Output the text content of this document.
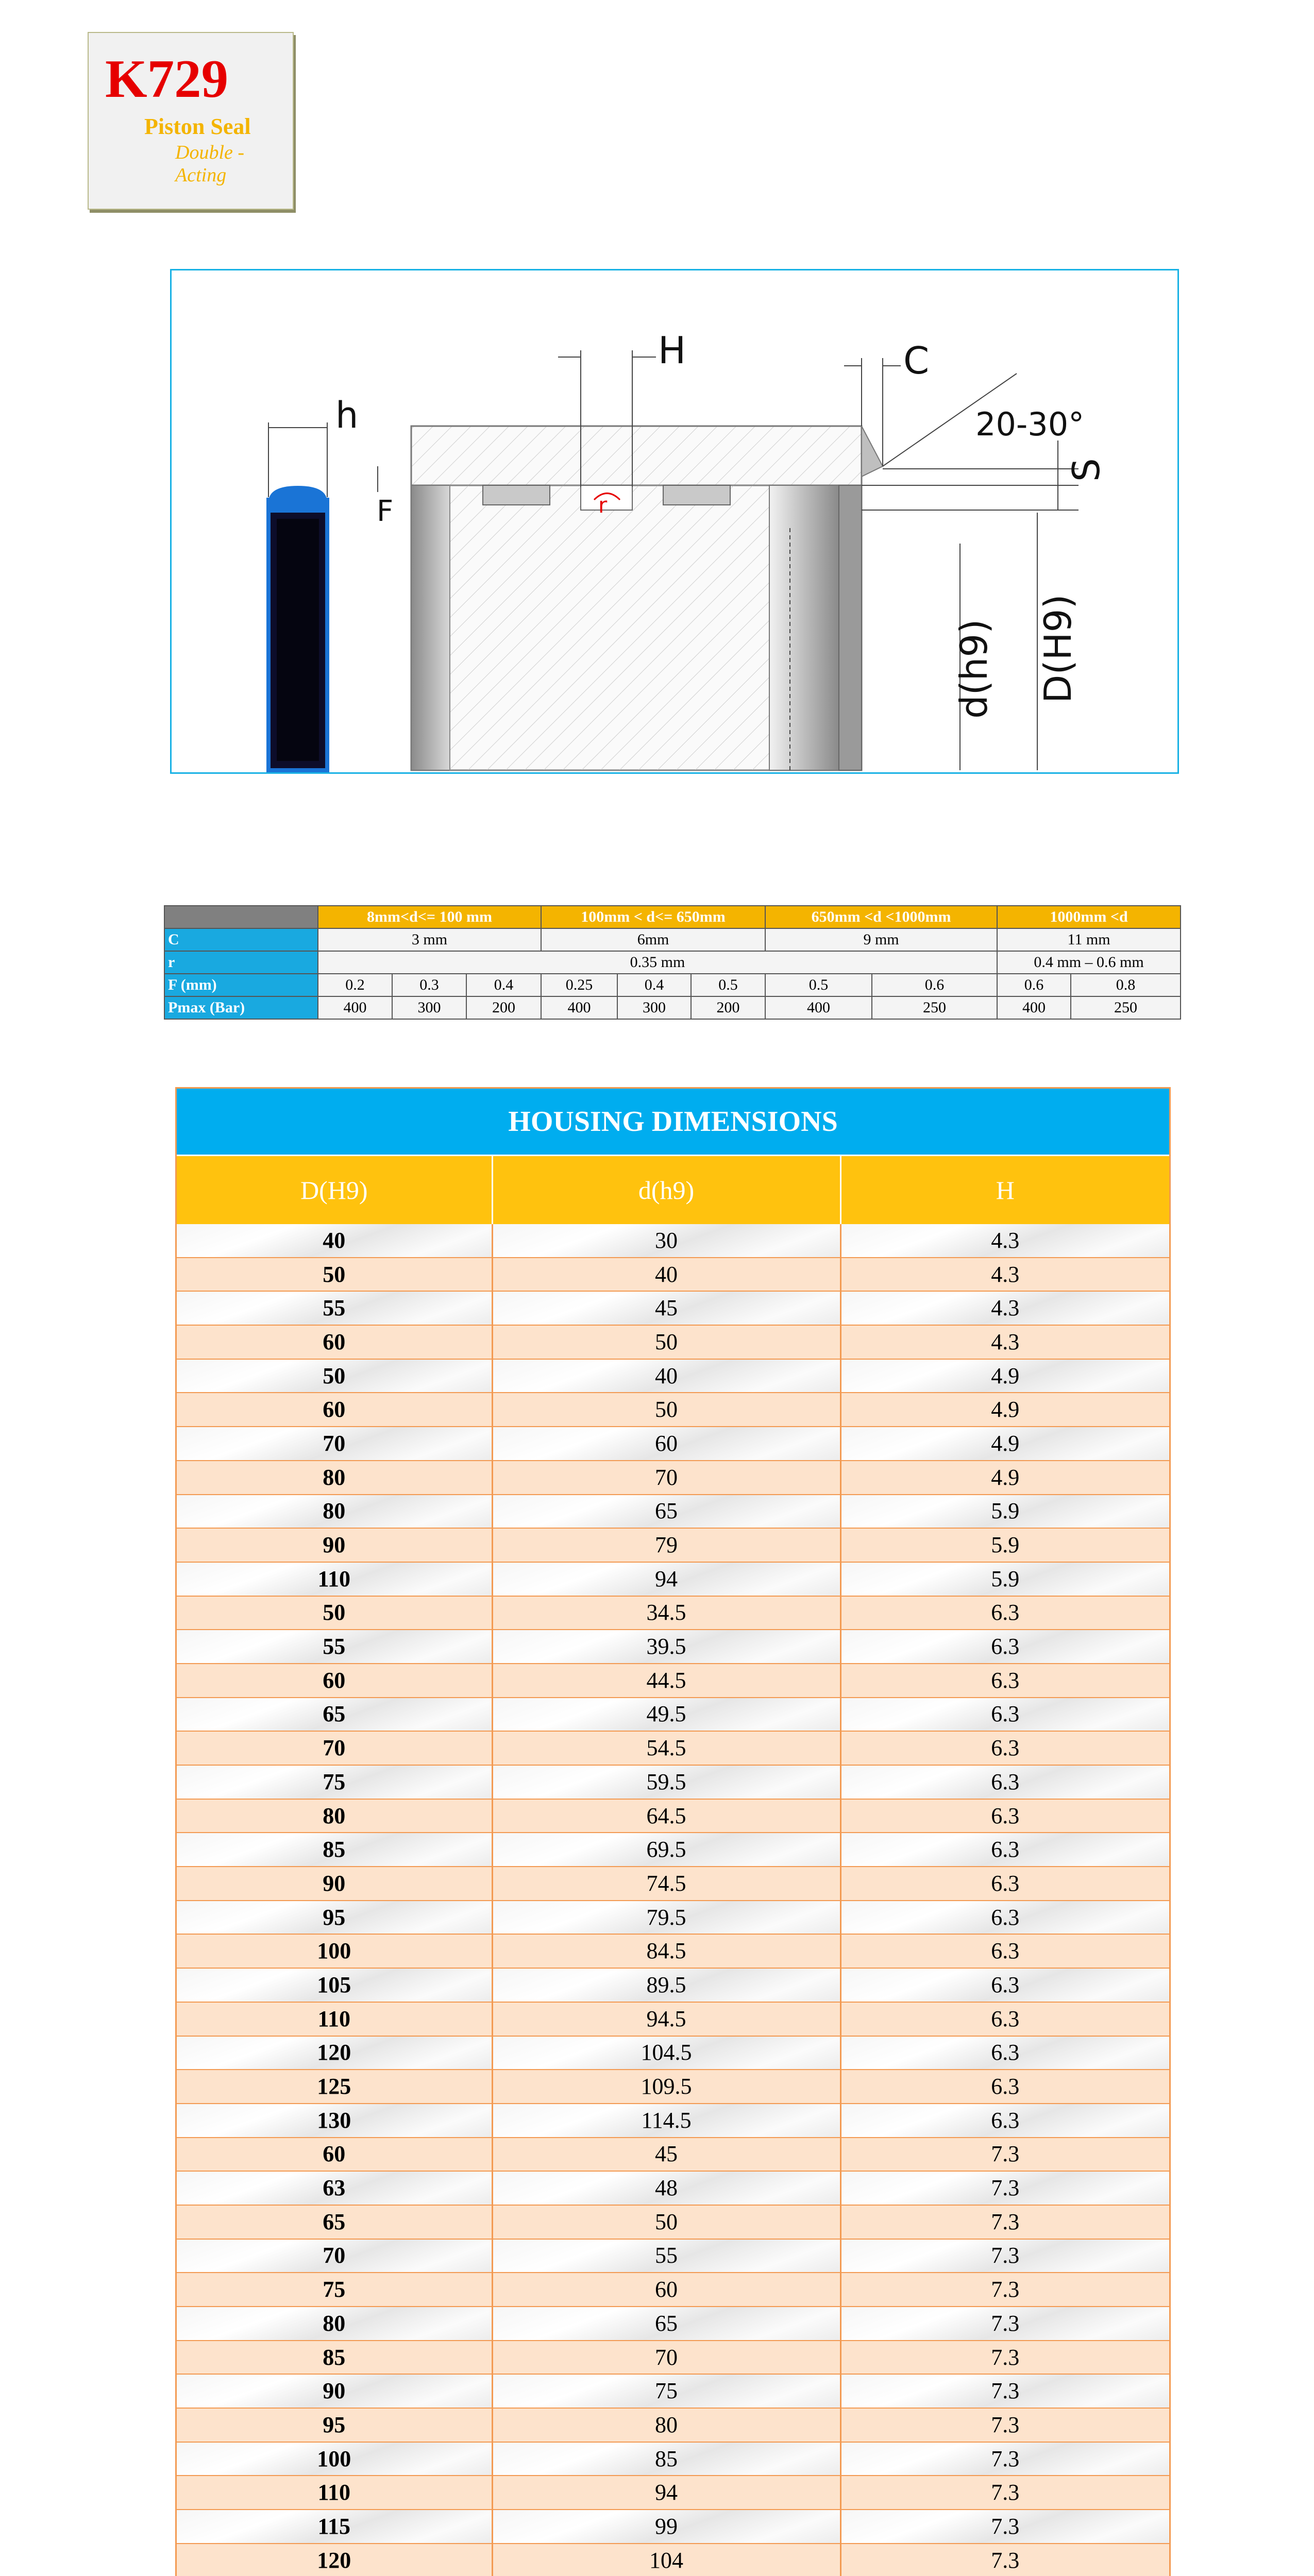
K729
Piston Seal
Double - Acting
h
F
H
r
C
20-30°
S
d(h9) D(H9)
	8mm<d<= 100 mm			100mm < d<= 650mm			650mm <d <1000mm		1000mm <d	
C	3 mm			6mm			9 mm		11 mm	
r	0.35 mm								0.4 mm – 0.6 mm	
F (mm)	0.2	0.3	0.4	0.25	0.4	0.5	0.5	0.6	0.6	0.8
Pmax (Bar)	400	300	200	400	300	200	400	250	400	250
HOUSING DIMENSIONS
D(H9)	d(h9)	H
40	30	4.3
50	40	4.3
55	45	4.3
60	50	4.3
50	40	4.9
60	50	4.9
70	60	4.9
80	70	4.9
80	65	5.9
90	79	5.9
110	94	5.9
50	34.5	6.3
55	39.5	6.3
60	44.5	6.3
65	49.5	6.3
70	54.5	6.3
75	59.5	6.3
80	64.5	6.3
85	69.5	6.3
90	74.5	6.3
95	79.5	6.3
100	84.5	6.3
105	89.5	6.3
110	94.5	6.3
120	104.5	6.3
125	109.5	6.3
130	114.5	6.3
60	45	7.3
63	48	7.3
65	50	7.3
70	55	7.3
75	60	7.3
80	65	7.3
85	70	7.3
90	75	7.3
95	80	7.3
100	85	7.3
110	94	7.3
115	99	7.3
120	104	7.3
